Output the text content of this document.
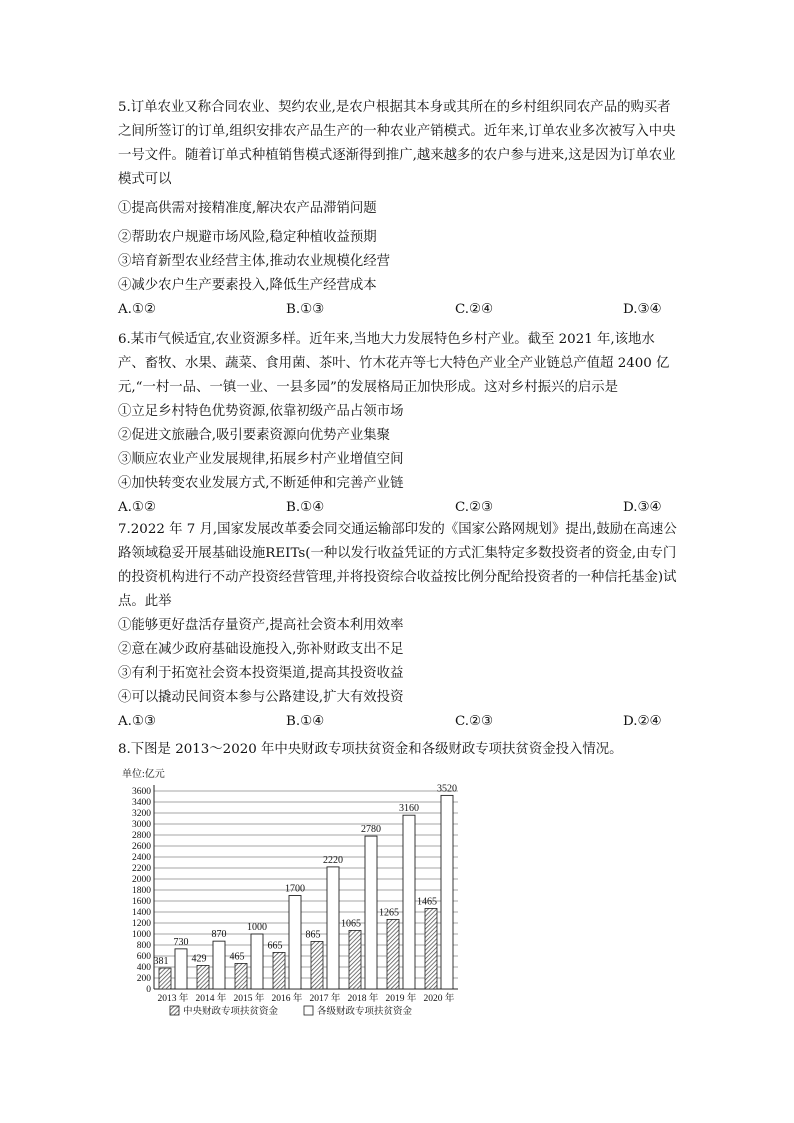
5.订单农业又称合同农业、契约农业,是农户根据其本身或其所在的乡村组织同农产品的购买者之间所签订的订单,组织安排农产品生产的一种农业产销模式。近年来,订单农业多次被写入中央一号文件。随着订单式种植销售模式逐渐得到推广,越来越多的农户参与进来,这是因为订单农业模式可以

①提高供需对接精准度,解决农产品滞销问题

②帮助农户规避市场风险,稳定种植收益预期

③培育新型农业经营主体,推动农业规模化经营

④减少农户生产要素投入,降低生产经营成本

A.①②	B.①③	C.②④	D.③④

6.某市气候适宜,农业资源多样。近年来,当地大力发展特色乡村产业。截至 2021 年,该地水产、畜牧、水果、蔬菜、食用菌、茶叶、竹木花卉等七大特色产业全产业链总产值超 2400 亿元,“一村一品、一镇一业、一县多园”的发展格局正加快形成。这对乡村振兴的启示是

①立足乡村特色优势资源,依靠初级产品占领市场

②促进文旅融合,吸引要素资源向优势产业集聚

③顺应农业产业发展规律,拓展乡村产业增值空间

④加快转变农业发展方式,不断延伸和完善产业链

A.①②	B.①④	C.②③	D.③④

7.2022 年 7 月,国家发展改革委会同交通运输部印发的《国家公路网规划》提出,鼓励在高速公路领域稳妥开展基础设施REITs(一种以发行收益凭证的方式汇集特定多数投资者的资金,由专门的投资机构进行不动产投资经营管理,并将投资综合收益按比例分配给投资者的一种信托基金)试点。此举

①能够更好盘活存量资产,提高社会资本利用效率

②意在减少政府基础设施投入,弥补财政支出不足

③有利于拓宽社会资本投资渠道,提高其投资收益

④可以撬动民间资本参与公路建设,扩大有效投资

A.①③	B.①④	C.②③	D.②④

8.下图是 2013～2020 年中央财政专项扶贫资金和各级财政专项扶贫资金投入情况。

单位:亿元
0
200
400
600
800
1000
1200
1400
1600
1800
2000
2200
2400
2600
2800
3000
3200
3400
3600
381
730
2013 年
429
870
2014 年
465
1000
2015 年
665
1700
2016 年
865
2220
2017 年
1065
2780
2018 年
1265
3160
2019 年
1465
3520
2020 年
中央财政专项扶贫资金	各级财政专项扶贫资金
